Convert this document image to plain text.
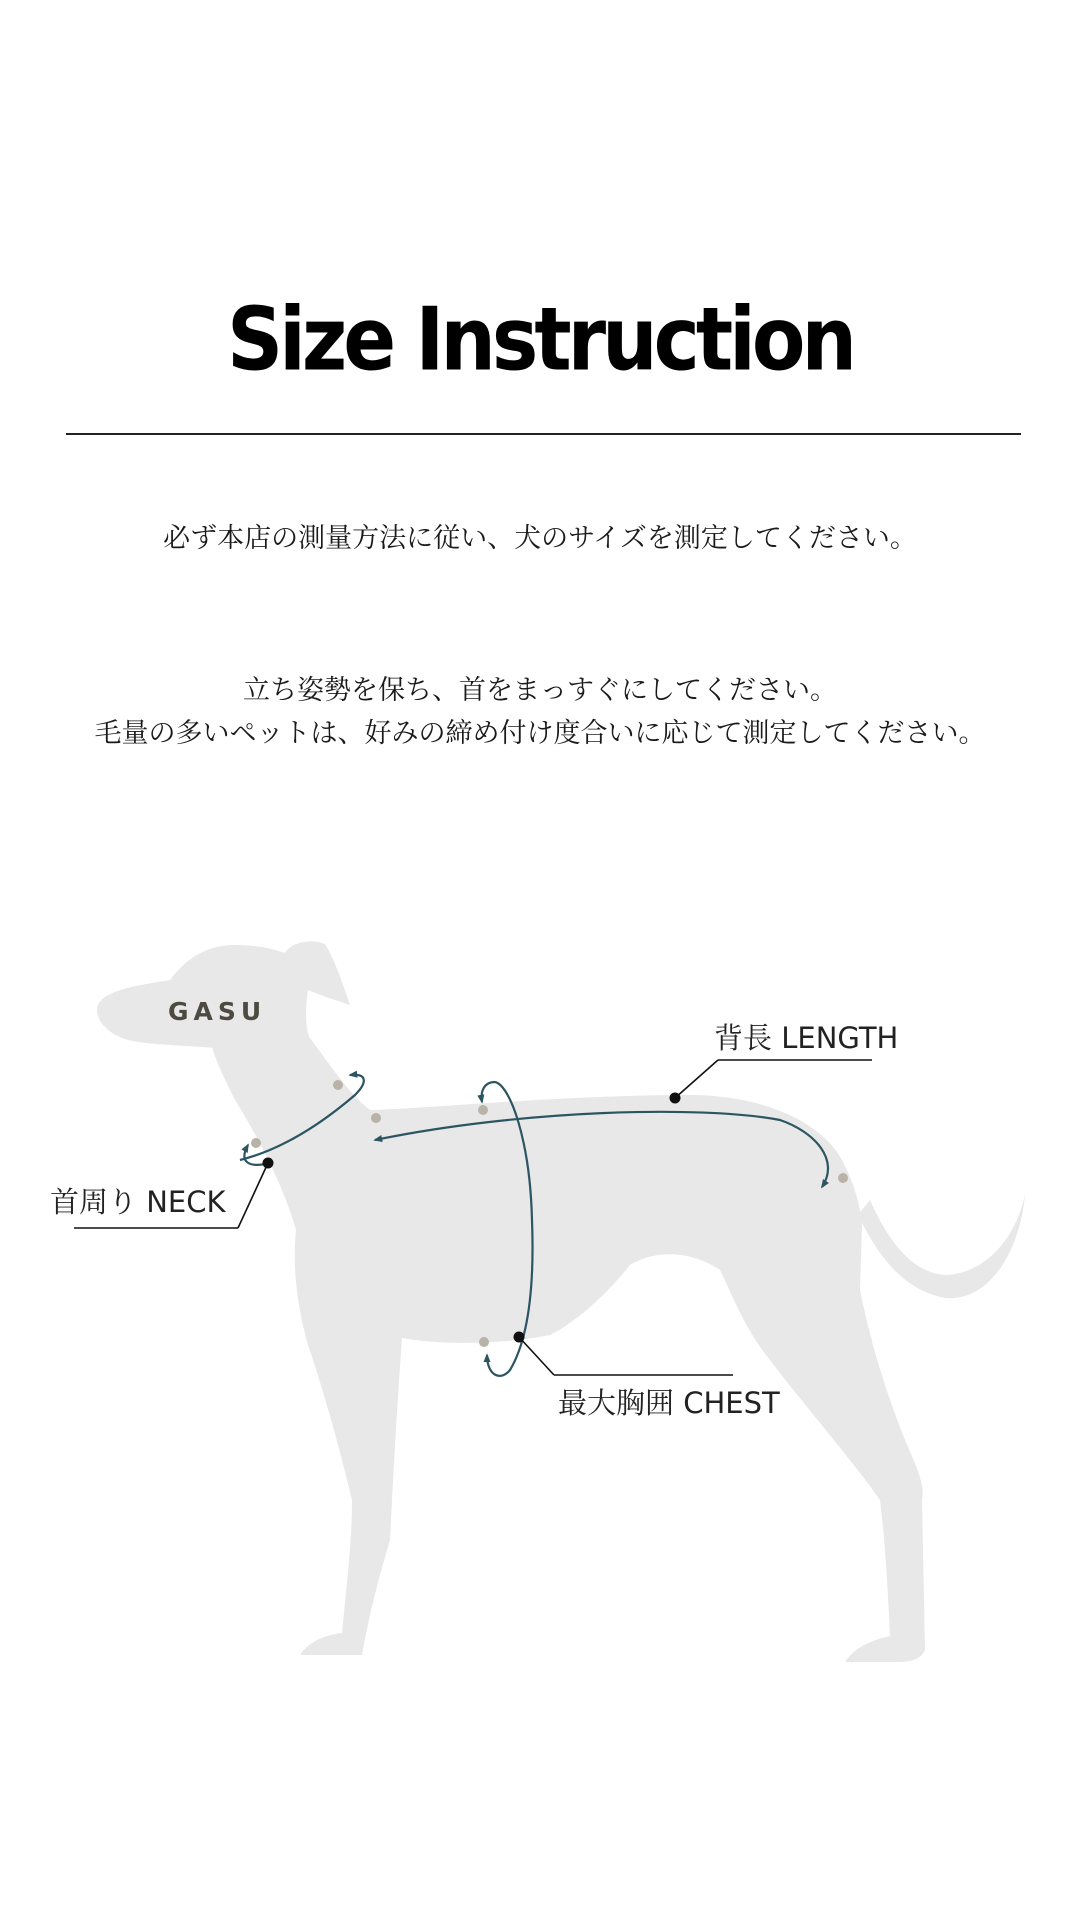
Size Instruction
必ず本店の測量方法に従い、犬のサイズを測定してください。
立ち姿勢を保ち、首をまっすぐにしてください。
毛量の多いペットは、好みの締め付け度合いに応じて測定してください。
GASU
背長 LENGTH
首周り NECK
最大胸囲 CHEST
